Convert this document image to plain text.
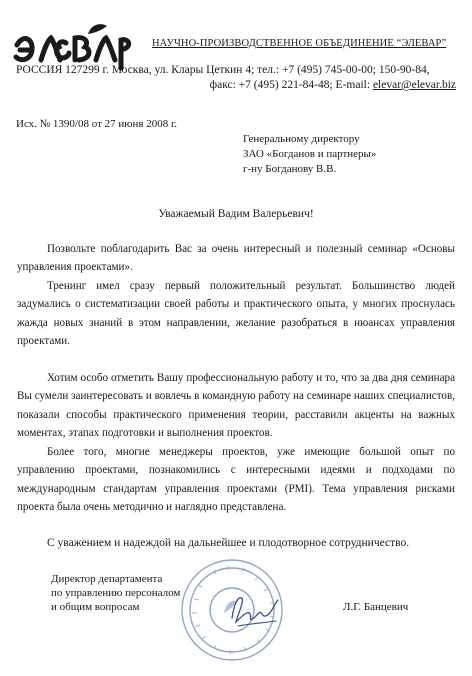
НАУЧНО-ПРОИЗВОДСТВЕННОЕ ОБЪЕДИНЕНИЕ “ЭЛЕВАР”
РОССИЯ 127299 г. Москва, ул. Клары Цеткин 4; тел.: +7 (495) 745-00-00; 150-90-84,
факс: +7 (495) 221-84-48; E-mail: elevar@elevar.biz
Исх. № 1390/08 от 27 июня 2008 г.
Генеральному директору
ЗАО «Богданов и партнеры»
г-ну Богданову В.В.
Уважаемый Вадим Валерьевич!
Позвольте поблагодарить Вас за очень интересный и полезный семинар «Основы управления проектами».
Тренинг имел сразу первый положительный результат. Большинство людей задумались о систематизации своей работы и практического опыта, у многих проснулась жажда новых знаний в этом направлении, желание разобраться в нюансах управления проектами.
Хотим особо отметить Вашу профессиональную работу и то, что за два дня семинара Вы сумели заинтересовать и вовлечь в командную работу на семинаре наших специалистов, показали способы практического применения теории, расставили акценты на важных моментах, этапах подготовки и выполнения проектов.
Более того, многие менеджеры проектов, уже имеющие большой опыт по управлению проектами, познакомились с интересными идеями и подходами по международным стандартам управления проектами (PMI). Тема управления рисками проекта была очень методично и наглядно представлена.
С уважением и надеждой на дальнейшее и плодотворное сотрудничество.
Директор департамента
по управлению персоналом
и общим вопросам	Л.Г. Банцевич
